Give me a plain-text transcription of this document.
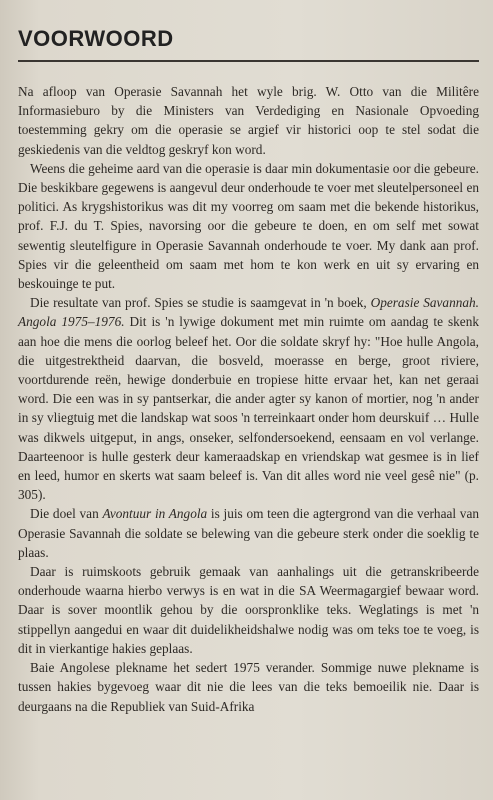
VOORWOORD

Na afloop van Operasie Savannah het wyle brig. W. Otto van die Militêre Informasieburo by die Ministers van Verdediging en Nasionale Opvoeding toestemming gekry om die operasie se argief vir historici oop te stel sodat die geskiedenis van die veldtog geskryf kon word.

Weens die geheime aard van die operasie is daar min dokumentasie oor die gebeure. Die beskikbare gegewens is aangevul deur onderhoude te voer met sleutelpersoneel en politici. As krygshistorikus was dit my voorreg om saam met die bekende historikus, prof. F.J. du T. Spies, navorsing oor die gebeure te doen, en om self met sowat sewentig sleutelfigure in Operasie Savannah onderhoude te voer. My dank aan prof. Spies vir die geleentheid om saam met hom te kon werk en uit sy ervaring en beskouinge te put.

Die resultate van prof. Spies se studie is saamgevat in 'n boek, Operasie Savannah. Angola 1975–1976. Dit is 'n lywige dokument met min ruimte om aandag te skenk aan hoe die mens die oorlog beleef het. Oor die soldate skryf hy: "Hoe hulle Angola, die uitgestrektheid daarvan, die bosveld, moerasse en berge, groot riviere, voortdurende reën, hewige donderbuie en tropiese hitte ervaar het, kan net geraai word. Die een was in sy pantserkar, die ander agter sy kanon of mortier, nog 'n ander in sy vliegtuig met die landskap wat soos 'n terreinkaart onder hom deurskuif … Hulle was dikwels uitgeput, in angs, onseker, selfondersoekend, eensaam en vol verlange. Daarteenoor is hulle gesterk deur kameraadskap en vriendskap wat gesmee is in lief en leed, humor en skerts wat saam beleef is. Van dit alles word nie veel gesê nie" (p. 305).

Die doel van Avontuur in Angola is juis om teen die agtergrond van die verhaal van Operasie Savannah die soldate se belewing van die gebeure sterk onder die soeklig te plaas.

Daar is ruimskoots gebruik gemaak van aanhalings uit die getranskribeerde onderhoude waarna hierbo verwys is en wat in die SA Weermagargief bewaar word. Daar is sover moontlik gehou by die oorspronklike teks. Weglatings is met 'n stippellyn aangedui en waar dit duidelikheidshalwe nodig was om teks toe te voeg, is dit in vierkantige hakies geplaas.

Baie Angolese plekname het sedert 1975 verander. Sommige nuwe plekname is tussen hakies bygevoeg waar dit nie die lees van die teks bemoeilik nie. Daar is deurgaans na die Republiek van Suid-Afrika
